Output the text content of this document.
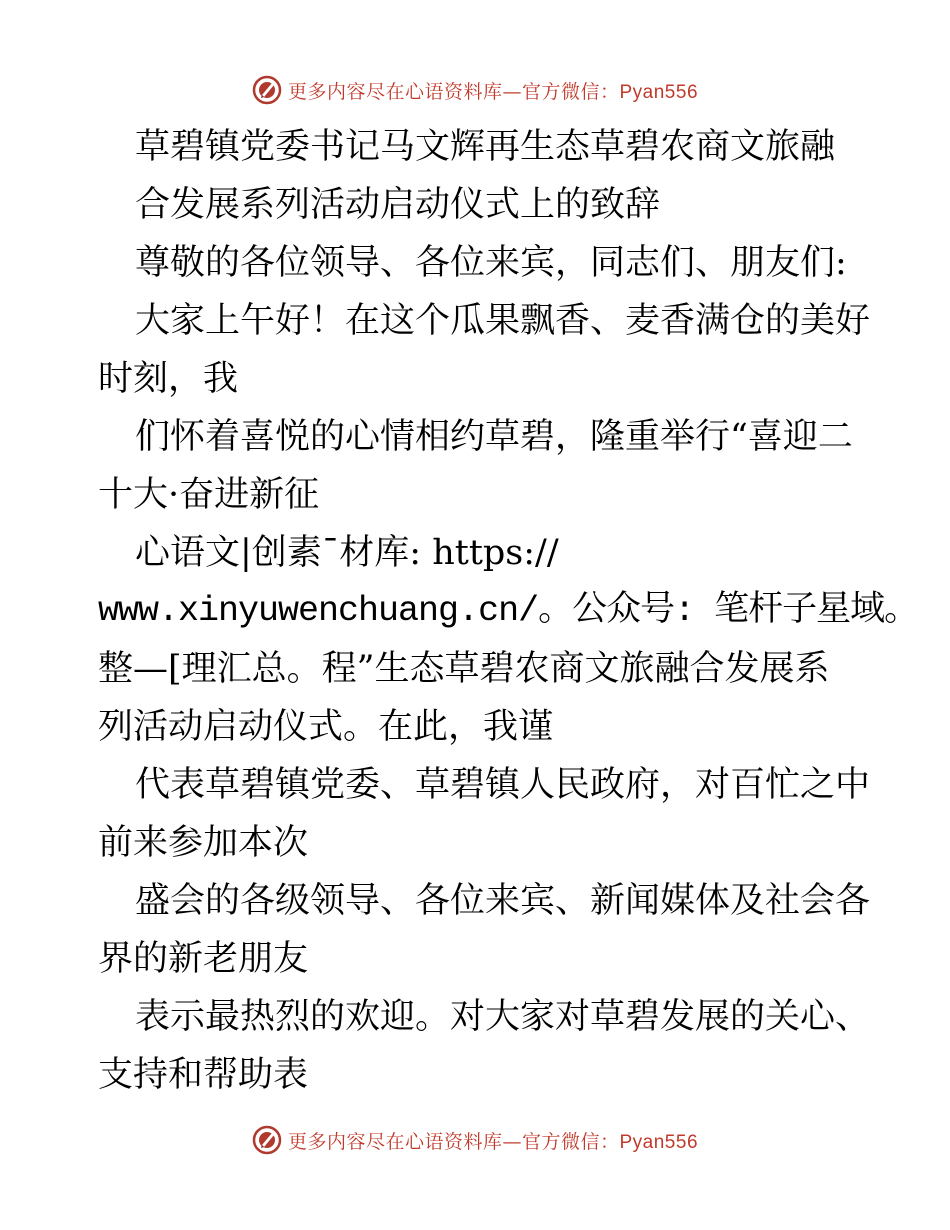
更多内容尽在心语资料库—官方微信：Pyan556
草碧镇党委书记马文辉再生态草碧农商文旅融
合发展系列活动启动仪式上的致辞
尊敬的各位领导、各位来宾，同志们、朋友们:
大家上午好！在这个瓜果飘香、麦香满仓的美好
时刻，我
们怀着喜悦的心情相约草碧，隆重举行“喜迎二
十大·奋进新征
心语文|创素¯材库: https://
www.xinyuwenchuang.cn/。公众号: 笔杆子星域。
整—[理汇总。程”生态草碧农商文旅融合发展系
列活动启动仪式。在此，我谨
代表草碧镇党委、草碧镇人民政府，对百忙之中
前来参加本次
盛会的各级领导、各位来宾、新闻媒体及社会各
界的新老朋友
表示最热烈的欢迎。对大家对草碧发展的关心、
支持和帮助表
更多内容尽在心语资料库—官方微信：Pyan556
